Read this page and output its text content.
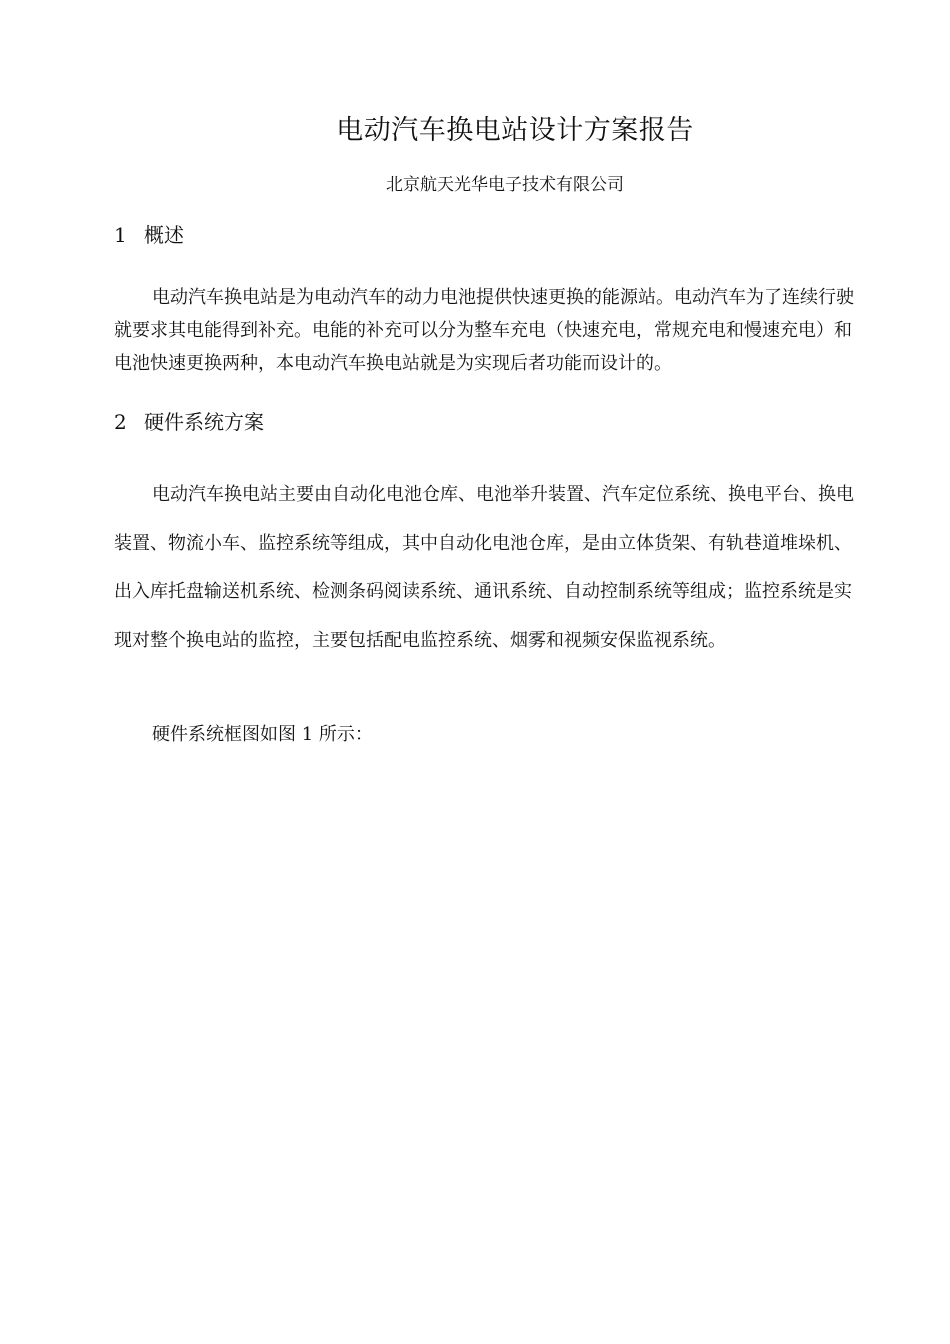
电动汽车换电站设计方案报告
北京航天光华电子技术有限公司
1 概述

电动汽车换电站是为电动汽车的动力电池提供快速更换的能源站。电动汽车为了连续行驶就要求其电能得到补充。电能的补充可以分为整车充电（快速充电，常规充电和慢速充电）和电池快速更换两种，本电动汽车换电站就是为实现后者功能而设计的。

2 硬件系统方案

电动汽车换电站主要由自动化电池仓库、电池举升装置、汽车定位系统、换电平台、换电装置、物流小车、监控系统等组成，其中自动化电池仓库，是由立体货架、有轨巷道堆垛机、出入库托盘输送机系统、检测条码阅读系统、通讯系统、自动控制系统等组成；监控系统是实现对整个换电站的监控，主要包括配电监控系统、烟雾和视频安保监视系统。

硬件系统框图如图 1 所示：
